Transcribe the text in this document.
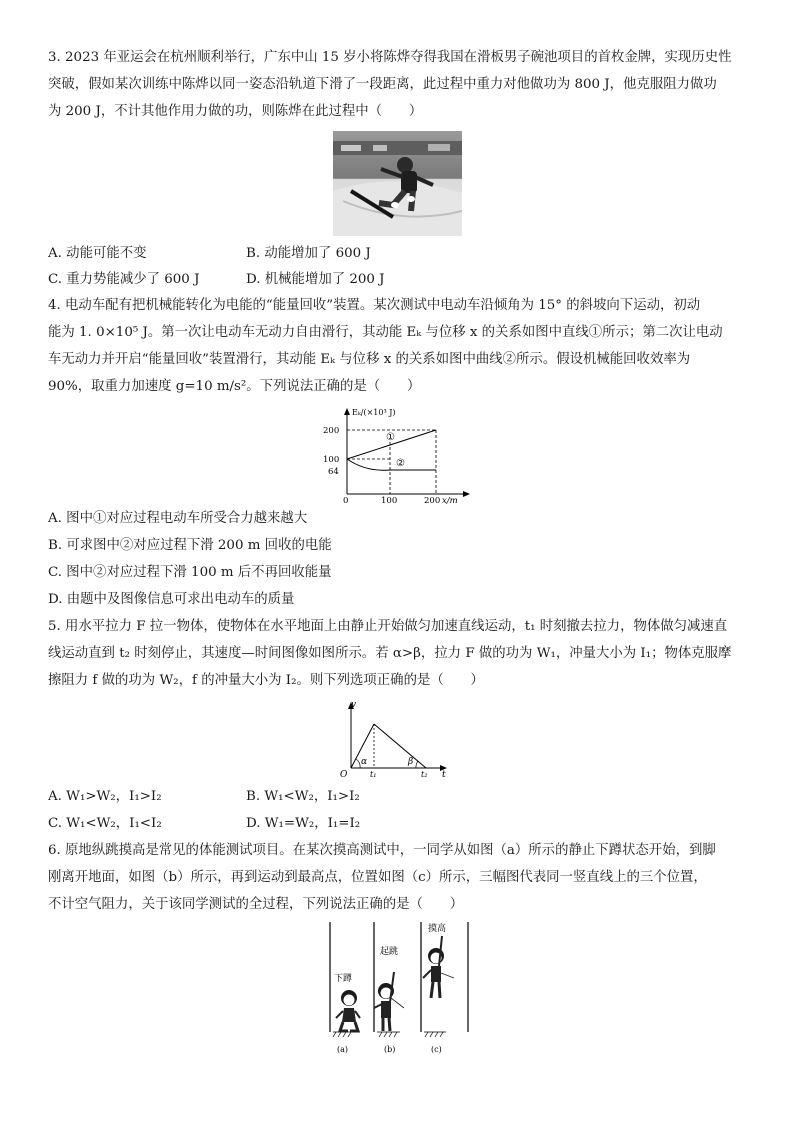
3. 2023 年亚运会在杭州顺利举行，广东中山 15 岁小将陈烨夺得我国在滑板男子碗池项目的首枚金牌，实现历史性
突破，假如某次训练中陈烨以同一姿态沿轨道下滑了一段距离，此过程中重力对他做功为 800 J，他克服阻力做功
为 200 J，不计其他作用力做的功，则陈烨在此过程中（　　）
A. 动能可能不变	B. 动能增加了 600 J
C. 重力势能减少了 600 J	D. 机械能增加了 200 J
4. 电动车配有把机械能转化为电能的“能量回收”装置。某次测试中电动车沿倾角为 15° 的斜坡向下运动，初动
能为 1. 0×10⁵ J。第一次让电动车无动力自由滑行，其动能 Eₖ 与位移 x 的关系如图中直线①所示；第二次让电动
车无动力并开启“能量回收”装置滑行，其动能 Eₖ 与位移 x 的关系如图中曲线②所示。假设机械能回收效率为
90%，取重力加速度 g=10 m/s²。下列说法正确的是（　　）
Eₖ/(×10³ J)
x/m
200
100
64
0	100	200
①
②
A. 图中①对应过程电动车所受合力越来越大
B. 可求图中②对应过程下滑 200 m 回收的电能
C. 图中②对应过程下滑 100 m 后不再回收能量
D. 由题中及图像信息可求出电动车的质量
5. 用水平拉力 F 拉一物体，使物体在水平地面上由静止开始做匀加速直线运动，t₁ 时刻撤去拉力，物体做匀减速直
线运动直到 t₂ 时刻停止，其速度—时间图像如图所示。若 α>β，拉力 F 做的功为 W₁，冲量大小为 I₁；物体克服摩
擦阻力 f 做的功为 W₂，f 的冲量大小为 I₂。则下列选项正确的是（　　）
v
O	t₁	t₂ t
α	β
A. W₁>W₂，I₁>I₂	B. W₁<W₂，I₁>I₂
C. W₁<W₂，I₁<I₂	D. W₁=W₂，I₁=I₂
6. 原地纵跳摸高是常见的体能测试项目。在某次摸高测试中，一同学从如图（a）所示的静止下蹲状态开始，到脚
刚离开地面，如图（b）所示，再到运动到最高点，位置如图（c）所示，三幅图代表同一竖直线上的三个位置，
不计空气阻力，关于该同学测试的全过程，下列说法正确的是（　　）
下蹲
起跳
摸高
(a)	(b)	(c)
